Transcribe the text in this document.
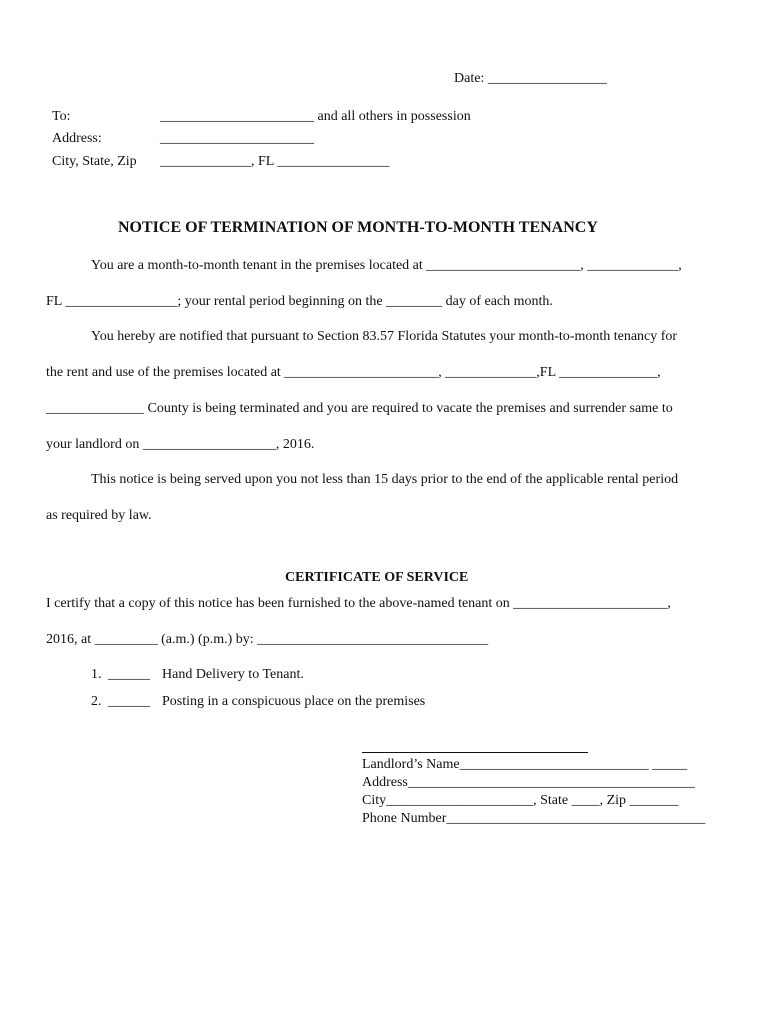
Date: _________________
To:	______________________ and all others in possession
Address:	______________________
City, State, Zip _____________, FL ________________
NOTICE OF TERMINATION OF MONTH-TO-MONTH TENANCY
You are a month-to-month tenant in the premises located at ______________________, _____________,
FL ________________; your rental period beginning on the ________ day of each month.
You hereby are notified that pursuant to Section 83.57 Florida Statutes your month-to-month tenancy for
the rent and use of the premises located at ______________________, _____________,FL ______________,
______________ County is being terminated and you are required to vacate the premises and surrender same to
your landlord on ___________________, 2016.
This notice is being served upon you not less than 15 days prior to the end of the applicable rental period
as required by law.
CERTIFICATE OF SERVICE
I certify that a copy of this notice has been furnished to the above-named tenant on ______________________,
2016, at _________ (a.m.) (p.m.) by: _________________________________
1. ______ Hand Delivery to Tenant.
2. ______ Posting in a conspicuous place on the premises
Landlord’s Name___________________________ _____
Address_________________________________________
City_____________________, State ____, Zip _______
Phone Number_____________________________________
